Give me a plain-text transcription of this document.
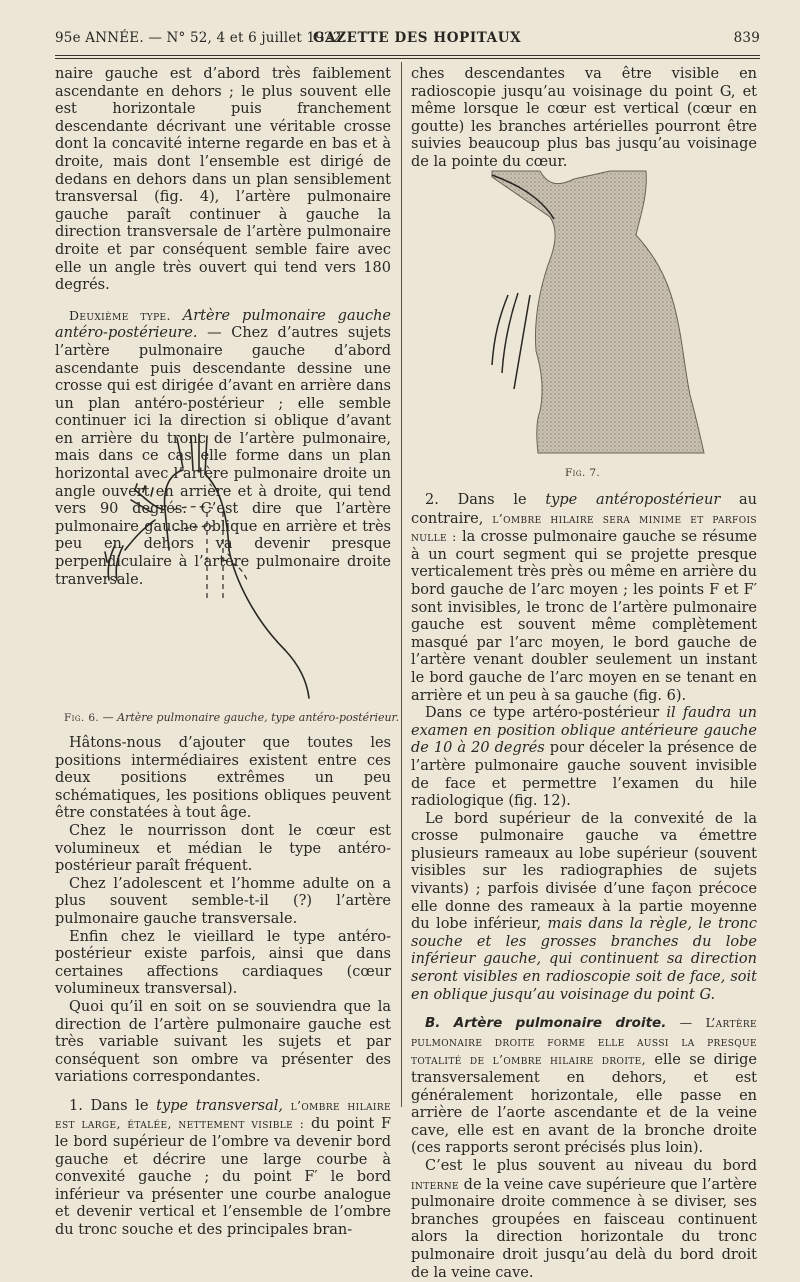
95e ANNÉE. — N° 52, 4 et 6 juillet 1922.
GAZETTE DES HOPITAUX	839

naire gauche est d’abord très faiblement ascendante en dehors ; le plus souvent elle est horizontale puis franchement descendante décrivant une véritable crosse dont la concavité interne regarde en bas et à droite, mais dont l’ensemble est dirigé de dedans en dehors dans un plan sensiblement transversal (fig. 4), l’artère pulmonaire gauche paraît continuer à gauche la direction transversale de l’artère pulmonaire droite et par conséquent semble faire avec elle un angle très ouvert qui tend vers 180 degrés.

Deuxième type. Artère pulmonaire gauche antéro-postérieure. — Chez d’autres sujets l’artère pulmonaire gauche d’abord ascendante puis descendante dessine une crosse qui est dirigée d’avant en arrière dans un plan antéro-postérieur ; elle semble continuer ici la direction si oblique d’avant en arrière du tronc de l’artère pulmonaire, mais dans ce cas elle forme dans un plan horizontal avec l’artère pulmonaire droite un angle ouvert en arrière et à droite, qui tend vers 90 degrés. C’est dire que l’artère pulmonaire gauche oblique en arrière et très peu en dehors va devenir presque perpendiculaire à l’artère pulmonaire droite tranversale.

Fig. 6. — Artère pulmonaire gauche, type antéro-postérieur.

Hâtons-nous d’ajouter que toutes les positions intermédiaires existent entre ces deux positions extrêmes un peu schématiques, les positions obliques peuvent être constatées à tout âge.

Chez le nourrisson dont le cœur est volumineux et médian le type antéro-postérieur paraît fréquent.

Chez l’adolescent et l’homme adulte on a plus souvent semble-t-il (?) l’artère pulmonaire gauche transversale.

Enfin chez le vieillard le type antéro-postérieur existe parfois, ainsi que dans certaines affections cardiaques (cœur volumineux transversal).

Quoi qu’il en soit on se souviendra que la direction de l’artère pulmonaire gauche est très variable suivant les sujets et par conséquent son ombre va présenter des variations correspondantes.

1. Dans le type transversal, l’ombre hilaire est large, étalée, nettement visible : du point F le bord supérieur de l’ombre va devenir bord gauche et décrire une large courbe à convexité gauche ; du point F′ le bord inférieur va présenter une courbe analogue et devenir vertical et l’ensemble de l’ombre du tronc souche et des principales bran-

ches descendantes va être visible en radioscopie jusqu’au voisinage du point G, et même lorsque le cœur est vertical (cœur en goutte) les branches artérielles pourront être suivies beaucoup plus bas jusqu’au voisinage de la pointe du cœur.

Fig. 7.

2. Dans le type antéropostérieur au contraire, l’ombre hilaire sera minime et parfois nulle : la crosse pulmonaire gauche se résume à un court segment qui se projette presque verticalement très près ou même en arrière du bord gauche de l’arc moyen ; les points F et F′ sont invisibles, le tronc de l’artère pulmonaire gauche est souvent même complètement masqué par l’arc moyen, le bord gauche de l’artère venant doubler seulement un instant le bord gauche de l’arc moyen en se tenant en arrière et un peu à sa gauche (fig. 6).

Dans ce type artéro-postérieur il faudra un examen en position oblique antérieure gauche de 10 à 20 degrés pour déceler la présence de l’artère pulmonaire gauche souvent invisible de face et permettre l’examen du hile radiologique (fig. 12).

Le bord supérieur de la convexité de la crosse pulmonaire gauche va émettre plusieurs rameaux au lobe supérieur (souvent visibles sur les radiographies de sujets vivants) ; parfois divisée d’une façon précoce elle donne des rameaux à la partie moyenne du lobe inférieur, mais dans la règle, le tronc souche et les grosses branches du lobe inférieur gauche, qui continuent sa direction seront visibles en radioscopie soit de face, soit en oblique jusqu’au voisinage du point G.

B. Artère pulmonaire droite. — L’artère pulmonaire droite forme elle aussi la presque totalité de l’ombre hilaire droite, elle se dirige transversalement en dehors, et est généralement horizontale, elle passe en arrière de l’aorte ascendante et de la veine cave, elle est en avant de la bronche droite (ces rapports seront précisés plus loin).

C’est le plus souvent au niveau du bord interne de la veine cave supérieure que l’artère pulmonaire droite commence à se diviser, ses branches groupées en faisceau continuent alors la direction horizontale du tronc pulmonaire droit jusqu’au delà du bord droit de la veine cave.
